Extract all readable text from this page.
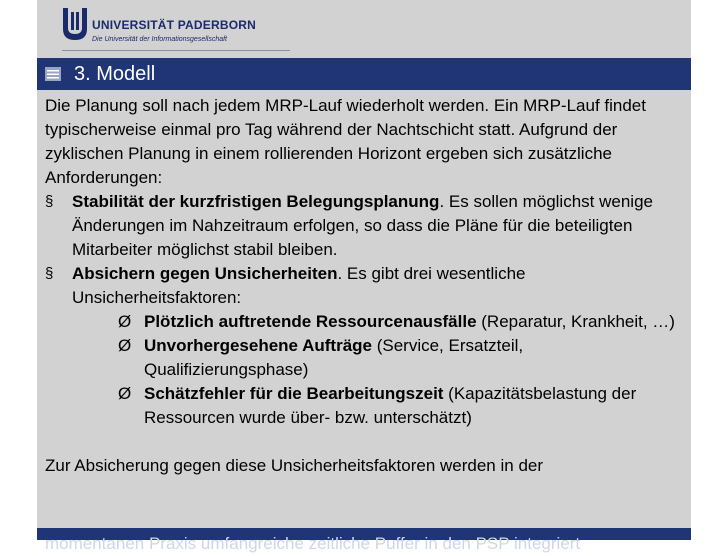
UNIVERSITÄT PADERBORN
Die Universität der Informationsgesellschaft
3. Modell

Die Planung soll nach jedem MRP-Lauf wiederholt werden. Ein MRP-Lauf findet typischerweise einmal pro Tag während der Nachtschicht statt. Aufgrund der zyklischen Planung in einem rollierenden Horizont ergeben sich zusätzliche Anforderungen:

§ Stabilität der kurzfristigen Belegungsplanung. Es sollen möglichst wenige Änderungen im Nahzeitraum erfolgen, so dass die Pläne für die beteiligten Mitarbeiter möglichst stabil bleiben.

§ Absichern gegen Unsicherheiten. Es gibt drei wesentliche Unsicherheitsfaktoren:

Ø Plötzlich auftretende Ressourcenausfälle (Reparatur, Krankheit, …)

Ø Unvorhergesehene Aufträge (Service, Ersatzteil, Qualifizierungsphase)

Ø Schätzfehler für die Bearbeitungszeit (Kapazitätsbelastung der Ressourcen wurde über- bzw. unterschätzt)

Zur Absicherung gegen diese Unsicherheitsfaktoren werden in der

momentanen Praxis umfangreiche zeitliche Puffer in den PSP integriert
